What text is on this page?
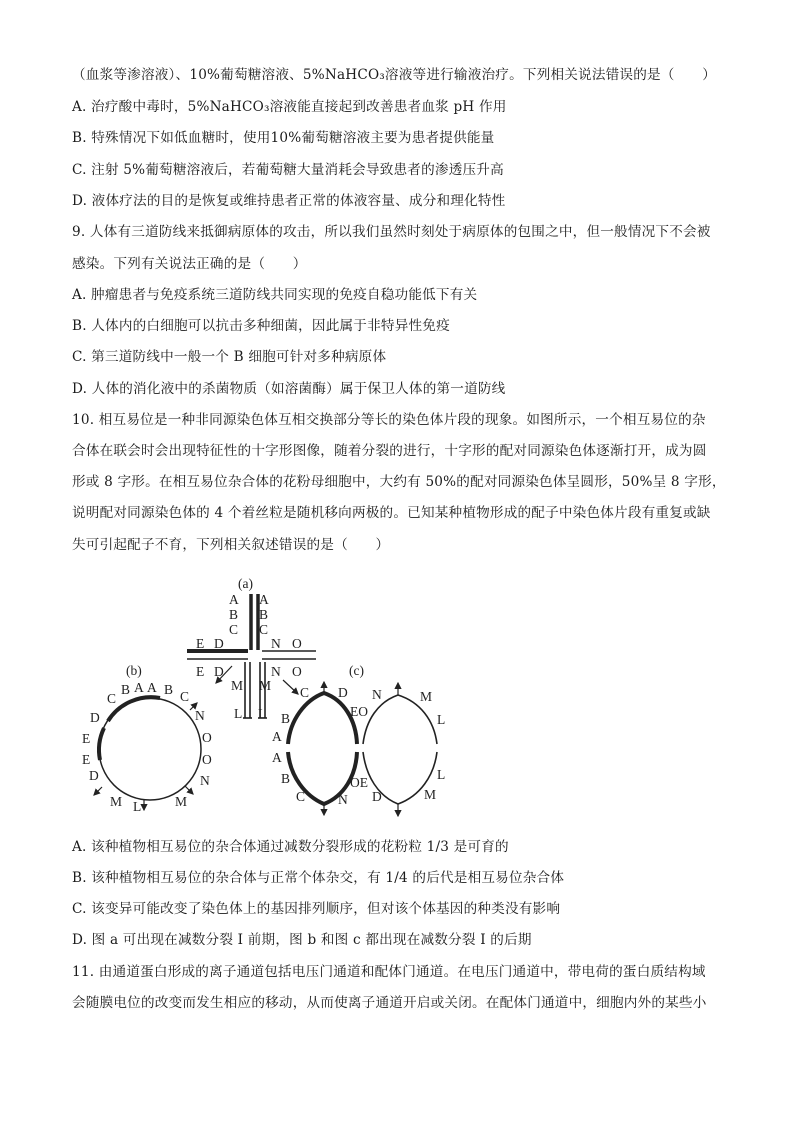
（血浆等渗溶液）、10%葡萄糖溶液、5%NaHCO₃溶液等进行输液治疗。下列相关说法错误的是（　　）
A. 治疗酸中毒时，5%NaHCO₃溶液能直接起到改善患者血浆 pH 作用
B. 特殊情况下如低血糖时，使用10%葡萄糖溶液主要为患者提供能量
C. 注射 5%葡萄糖溶液后，若葡萄糖大量消耗会导致患者的渗透压升高
D. 液体疗法的目的是恢复或维持患者正常的体液容量、成分和理化特性
9. 人体有三道防线来抵御病原体的攻击，所以我们虽然时刻处于病原体的包围之中，但一般情况下不会被
感染。下列有关说法正确的是（　　）
A. 肿瘤患者与免疫系统三道防线共同实现的免疫自稳功能低下有关
B. 人体内的白细胞可以抗击多种细菌，因此属于非特异性免疫
C. 第三道防线中一般一个 B 细胞可针对多种病原体
D. 人体的消化液中的杀菌物质（如溶菌酶）属于保卫人体的第一道防线
10. 相互易位是一种非同源染色体互相交换部分等长的染色体片段的现象。如图所示，一个相互易位的杂
合体在联会时会出现特征性的十字形图像，随着分裂的进行，十字形的配对同源染色体逐渐打开，成为圆
形或 8 字形。在相互易位杂合体的花粉母细胞中，大约有 50%的配对同源染色体呈圆形，50%呈 8 字形，
说明配对同源染色体的 4 个着丝粒是随机移向两极的。已知某种植物形成的配子中染色体片段有重复或缺
失可引起配子不育，下列相关叙述错误的是（　　）
(a)
A A
B B
C C
E D	N O
E D	N O
M M
L L
(b)
C
B A A B C
D	N
E	O
E	O
D	N
M L	M
(c)
C D N	M
B	EO
L
A
A
B	OE
L
C N D	M
A. 该种植物相互易位的杂合体通过减数分裂形成的花粉粒 1/3 是可育的
B. 该种植物相互易位的杂合体与正常个体杂交，有 1/4 的后代是相互易位杂合体
C. 该变异可能改变了染色体上的基因排列顺序，但对该个体基因的种类没有影响
D. 图 a 可出现在减数分裂 Ⅰ 前期，图 b 和图 c 都出现在减数分裂 Ⅰ 的后期
11. 由通道蛋白形成的离子通道包括电压门通道和配体门通道。在电压门通道中，带电荷的蛋白质结构域
会随膜电位的改变而发生相应的移动，从而使离子通道开启或关闭。在配体门通道中，细胞内外的某些小
